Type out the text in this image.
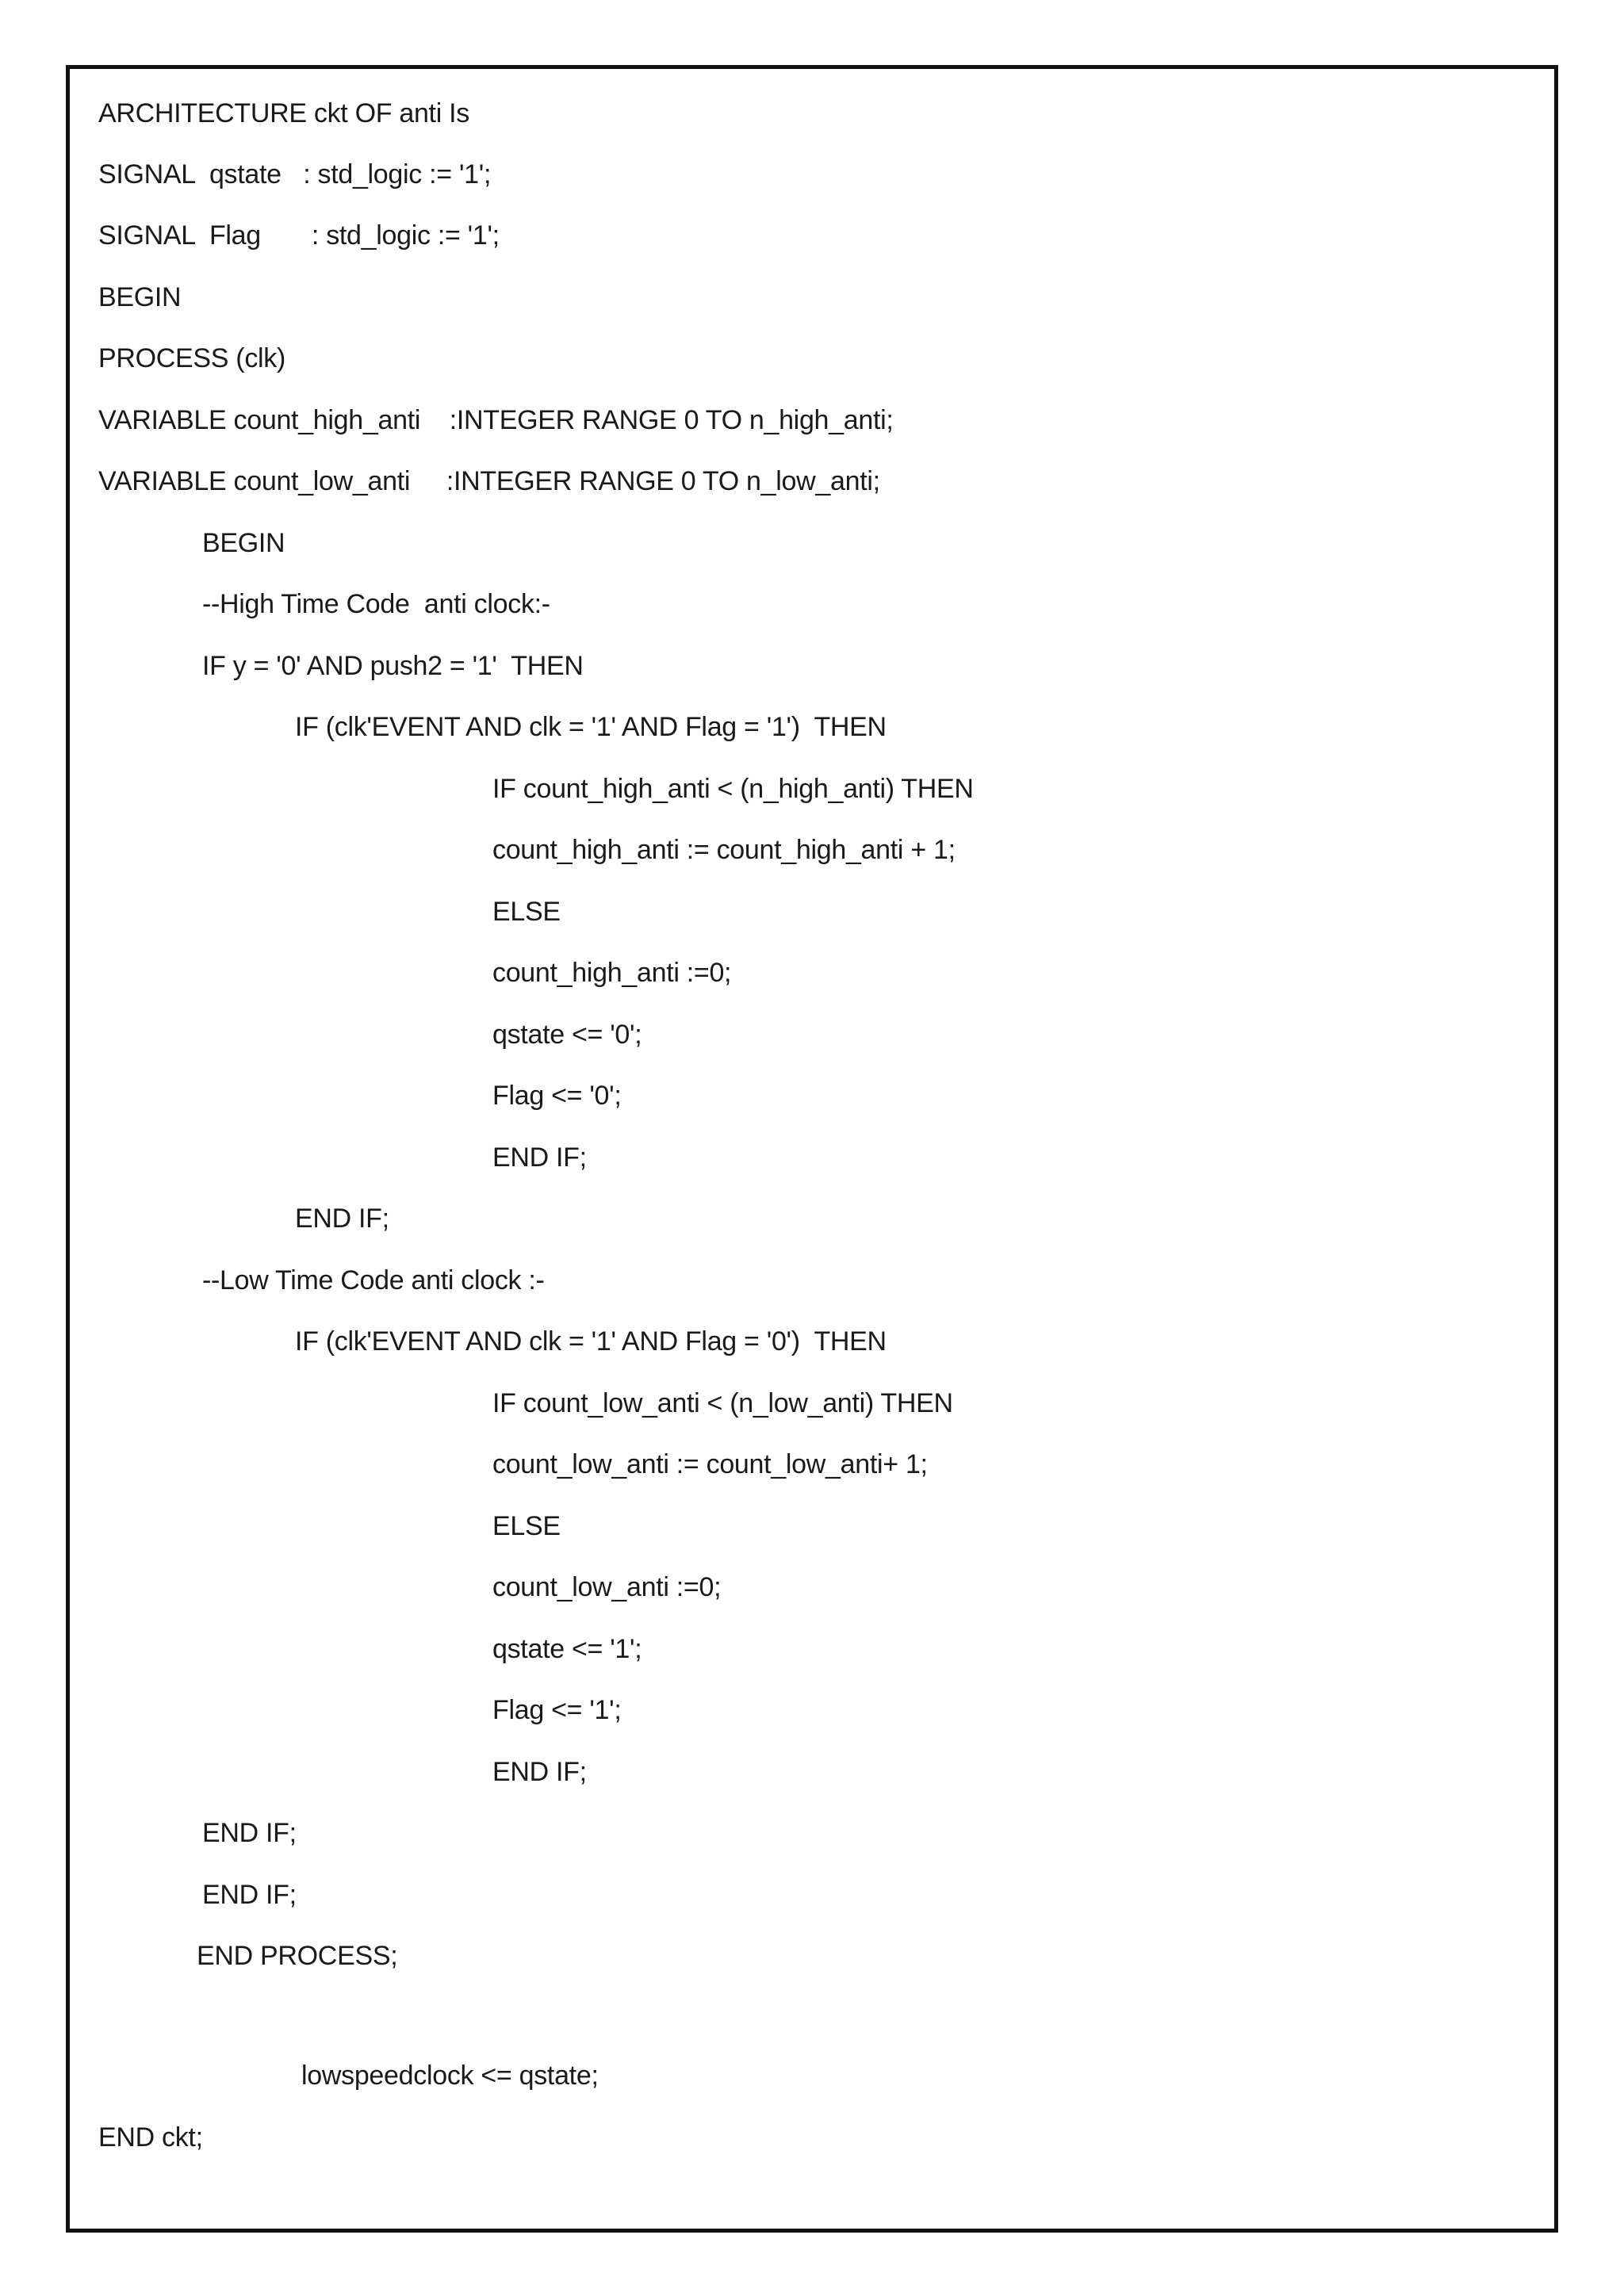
ARCHITECTURE ckt OF anti Is
SIGNAL  qstate   : std_logic := '1';
SIGNAL  Flag       : std_logic := '1';
BEGIN
PROCESS (clk)
VARIABLE count_high_anti    :INTEGER RANGE 0 TO n_high_anti;
VARIABLE count_low_anti     :INTEGER RANGE 0 TO n_low_anti;
BEGIN
--High Time Code  anti clock:-
IF y = '0' AND push2 = '1'  THEN
IF (clk'EVENT AND clk = '1' AND Flag = '1')  THEN
IF count_high_anti < (n_high_anti) THEN
count_high_anti := count_high_anti + 1;
ELSE
count_high_anti :=0;
qstate <= '0';
Flag <= '0';
END IF;
END IF;
--Low Time Code anti clock :-
IF (clk'EVENT AND clk = '1' AND Flag = '0')  THEN
IF count_low_anti < (n_low_anti) THEN
count_low_anti := count_low_anti+ 1;
ELSE
count_low_anti :=0;
qstate <= '1';
Flag <= '1';
END IF;
END IF;
END IF;
END PROCESS;
lowspeedclock <= qstate;
END ckt;
